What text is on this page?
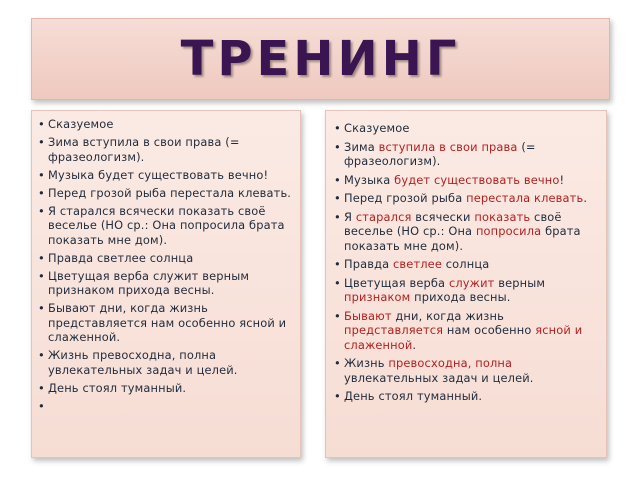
ТРЕНИНГ
• Сказуемое
• Зима вступила в свои права (= фразеологизм).
• Музыка будет существовать вечно!
• Перед грозой рыба перестала клевать.
• Я старался всячески показать своё веселье (НО ср.: Она попросила брата показать мне дом).
• Правда светлее солнца
• Цветущая верба служит верным признаком прихода весны.
• Бывают дни, когда жизнь представляется нам особенно ясной и слаженной.
• Жизнь превосходна, полна увлекательных задач и целей.
• День стоял туманный.
• Сказуемое
• Зима вступила в свои права (= фразеологизм).
• Музыка будет существовать вечно!
• Перед грозой рыба перестала клевать.
• Я старался всячески показать своё веселье (НО ср.: Она попросила брата показать мне дом).
• Правда светлее солнца
• Цветущая верба служит верным признаком прихода весны.
• Бывают дни, когда жизнь представляется нам особенно ясной и слаженной.
• Жизнь превосходна, полна увлекательных задач и целей.
• День стоял туманный.
